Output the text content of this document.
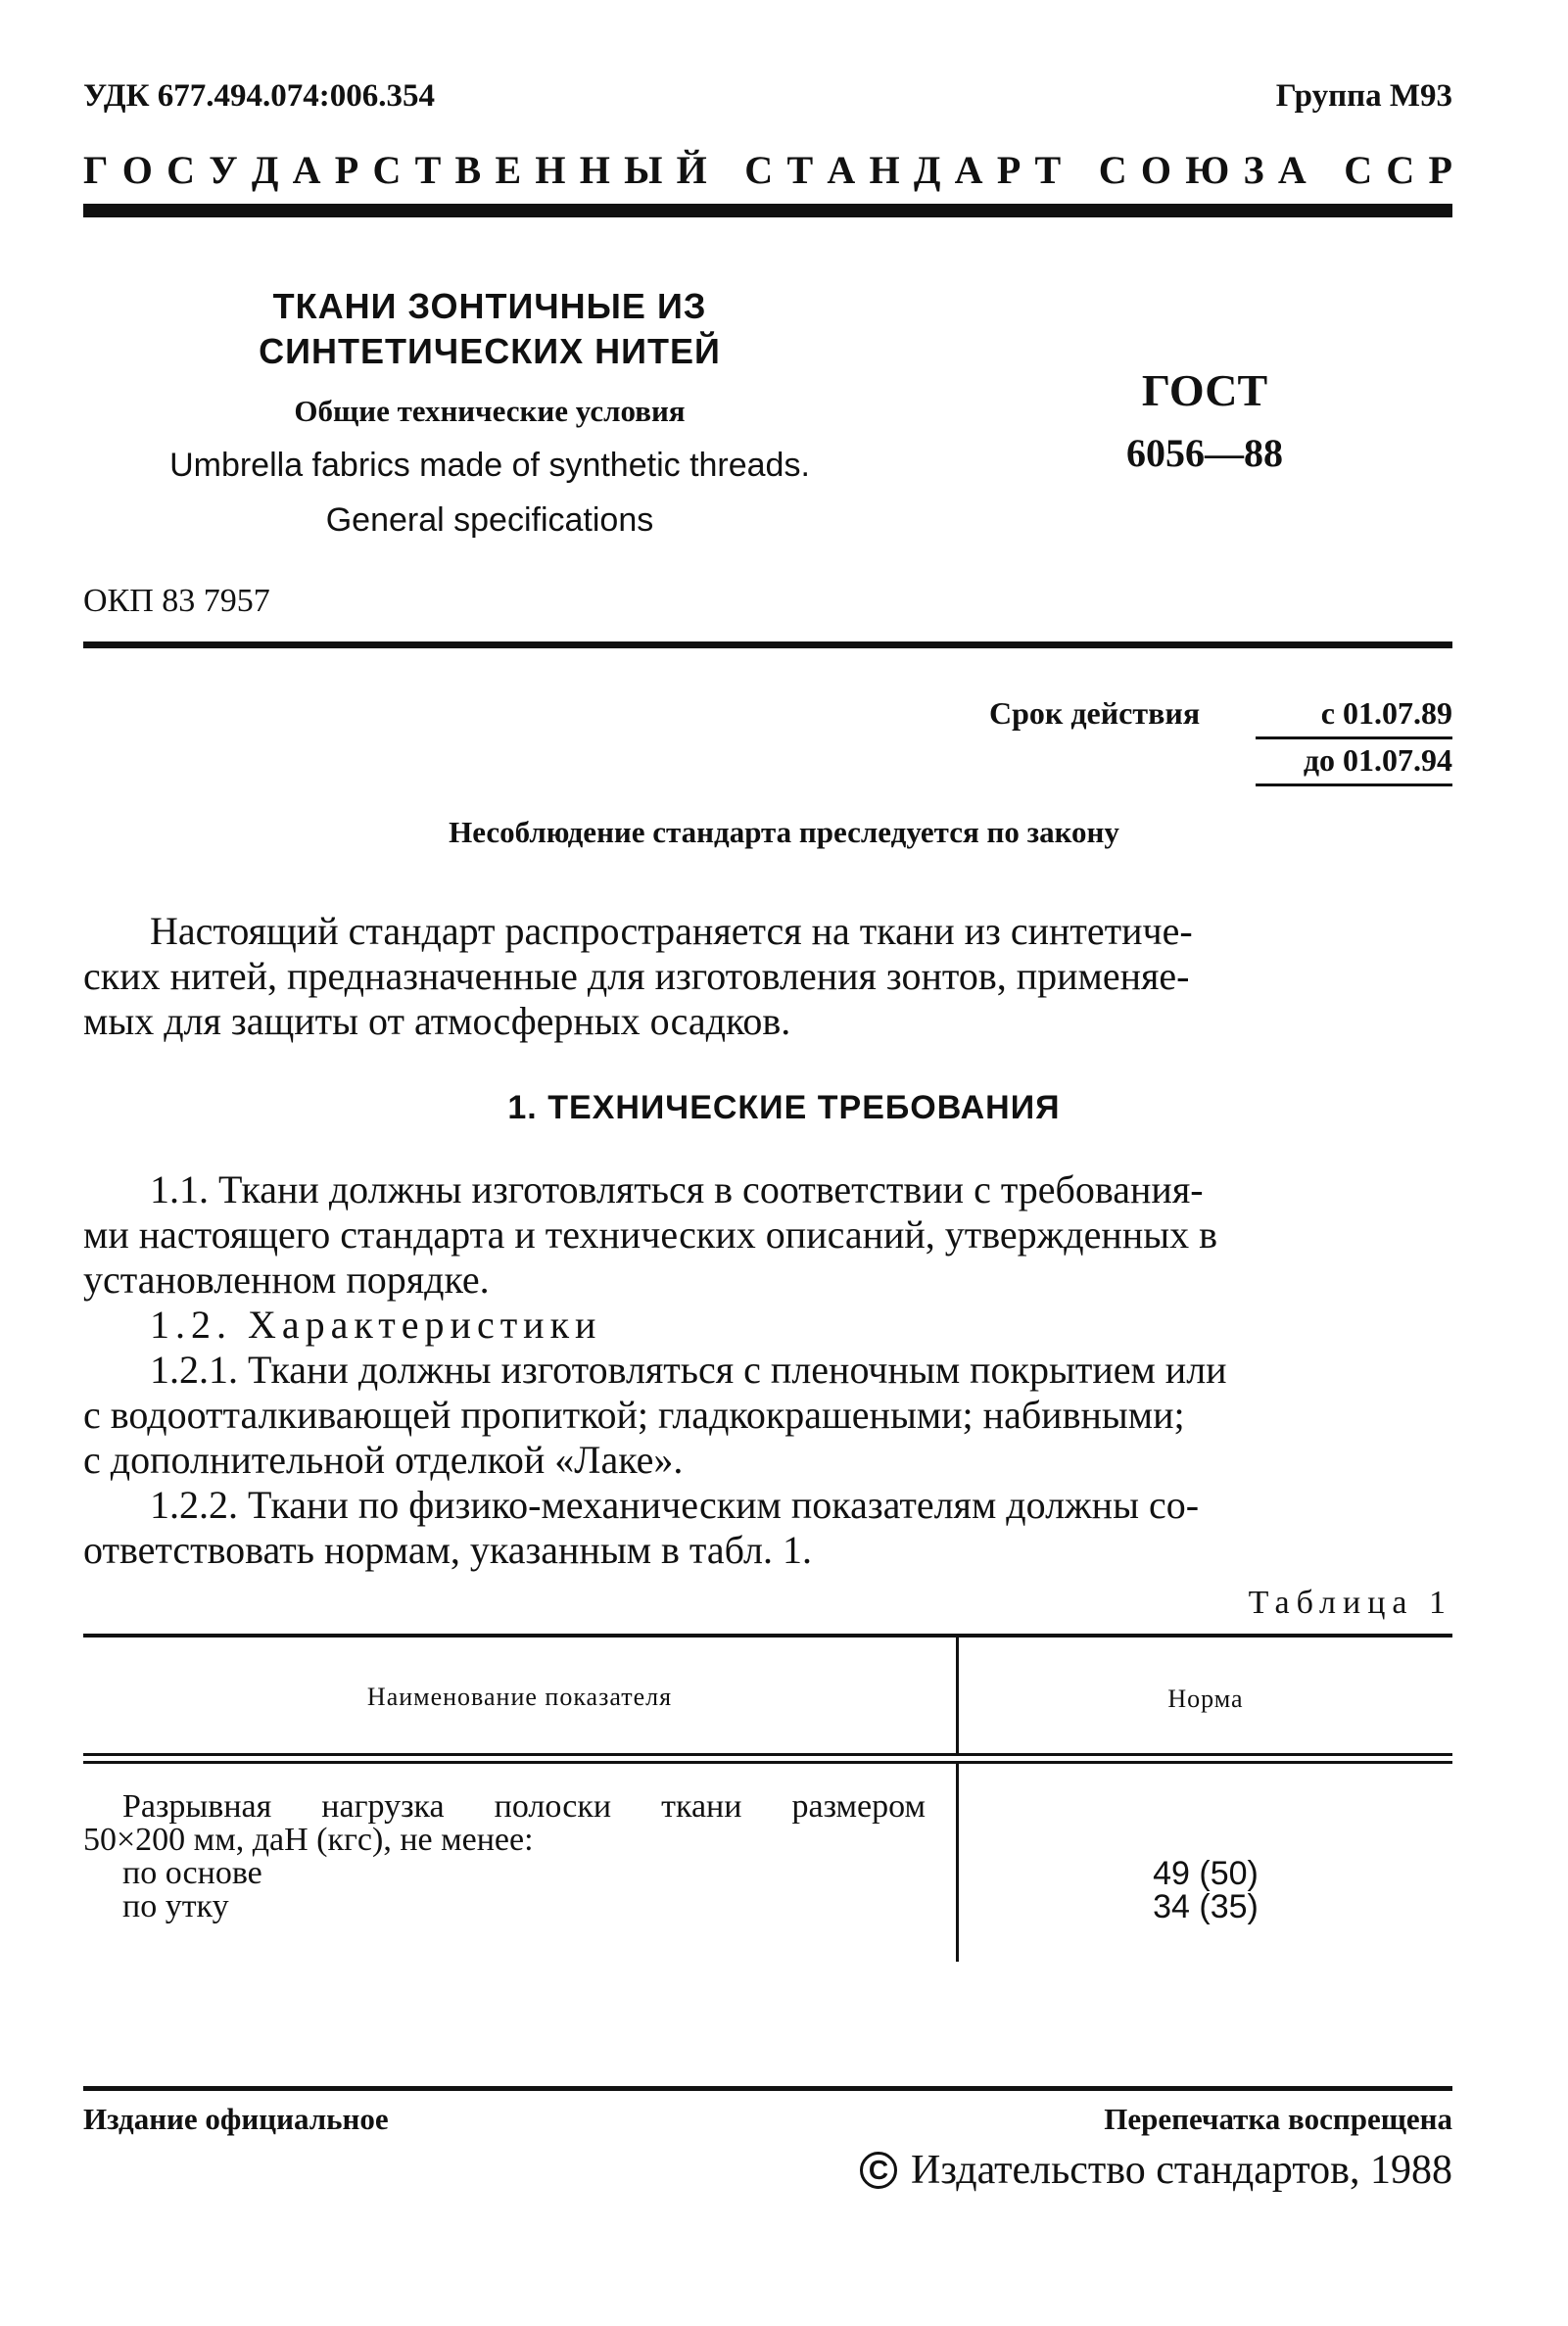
УДК 677.494.074:006.354	Группа М93
Г О С У Д А Р С Т В Е Н Н Ы Й
С Т А Н Д А Р Т
С О Ю З А
С С Р
ТКАНИ ЗОНТИЧНЫЕ ИЗ
СИНТЕТИЧЕСКИХ НИТЕЙ
Общие технические условия
Umbrella fabrics made of synthetic threads.
General specifications
ГОСТ
6056—88
ОКП 83 7957
Срок действия	с 01.07.89
до 01.07.94
Несоблюдение стандарта преследуется по закону
Настоящий стандарт распространяется на ткани из синтетиче-
ских нитей, предназначенные для изготовления зонтов, применяе-
мых для защиты от атмосферных осадков.
1. ТЕХНИЧЕСКИЕ ТРЕБОВАНИЯ
1.1. Ткани должны изготовляться в соответствии с требования-
ми настоящего стандарта и технических описаний, утвержденных в
установленном порядке.
1.2. Характеристики
1.2.1. Ткани должны изготовляться с пленочным покрытием или
с водоотталкивающей пропиткой; гладкокрашеными; набивными;
с дополнительной отделкой «Лаке».
1.2.2. Ткани по физико-механическим показателям должны со-
ответствовать нормам, указанным в табл. 1.
Таблица 1
Наименование показателя	Норма
Разрывная нагрузка полоски ткани размером
50×200 мм, даН (кгс), не менее:
по основе	49 (50)
по утку	34 (35)
Издание официальное	Перепечатка воспрещена
C Издательство стандартов, 1988
